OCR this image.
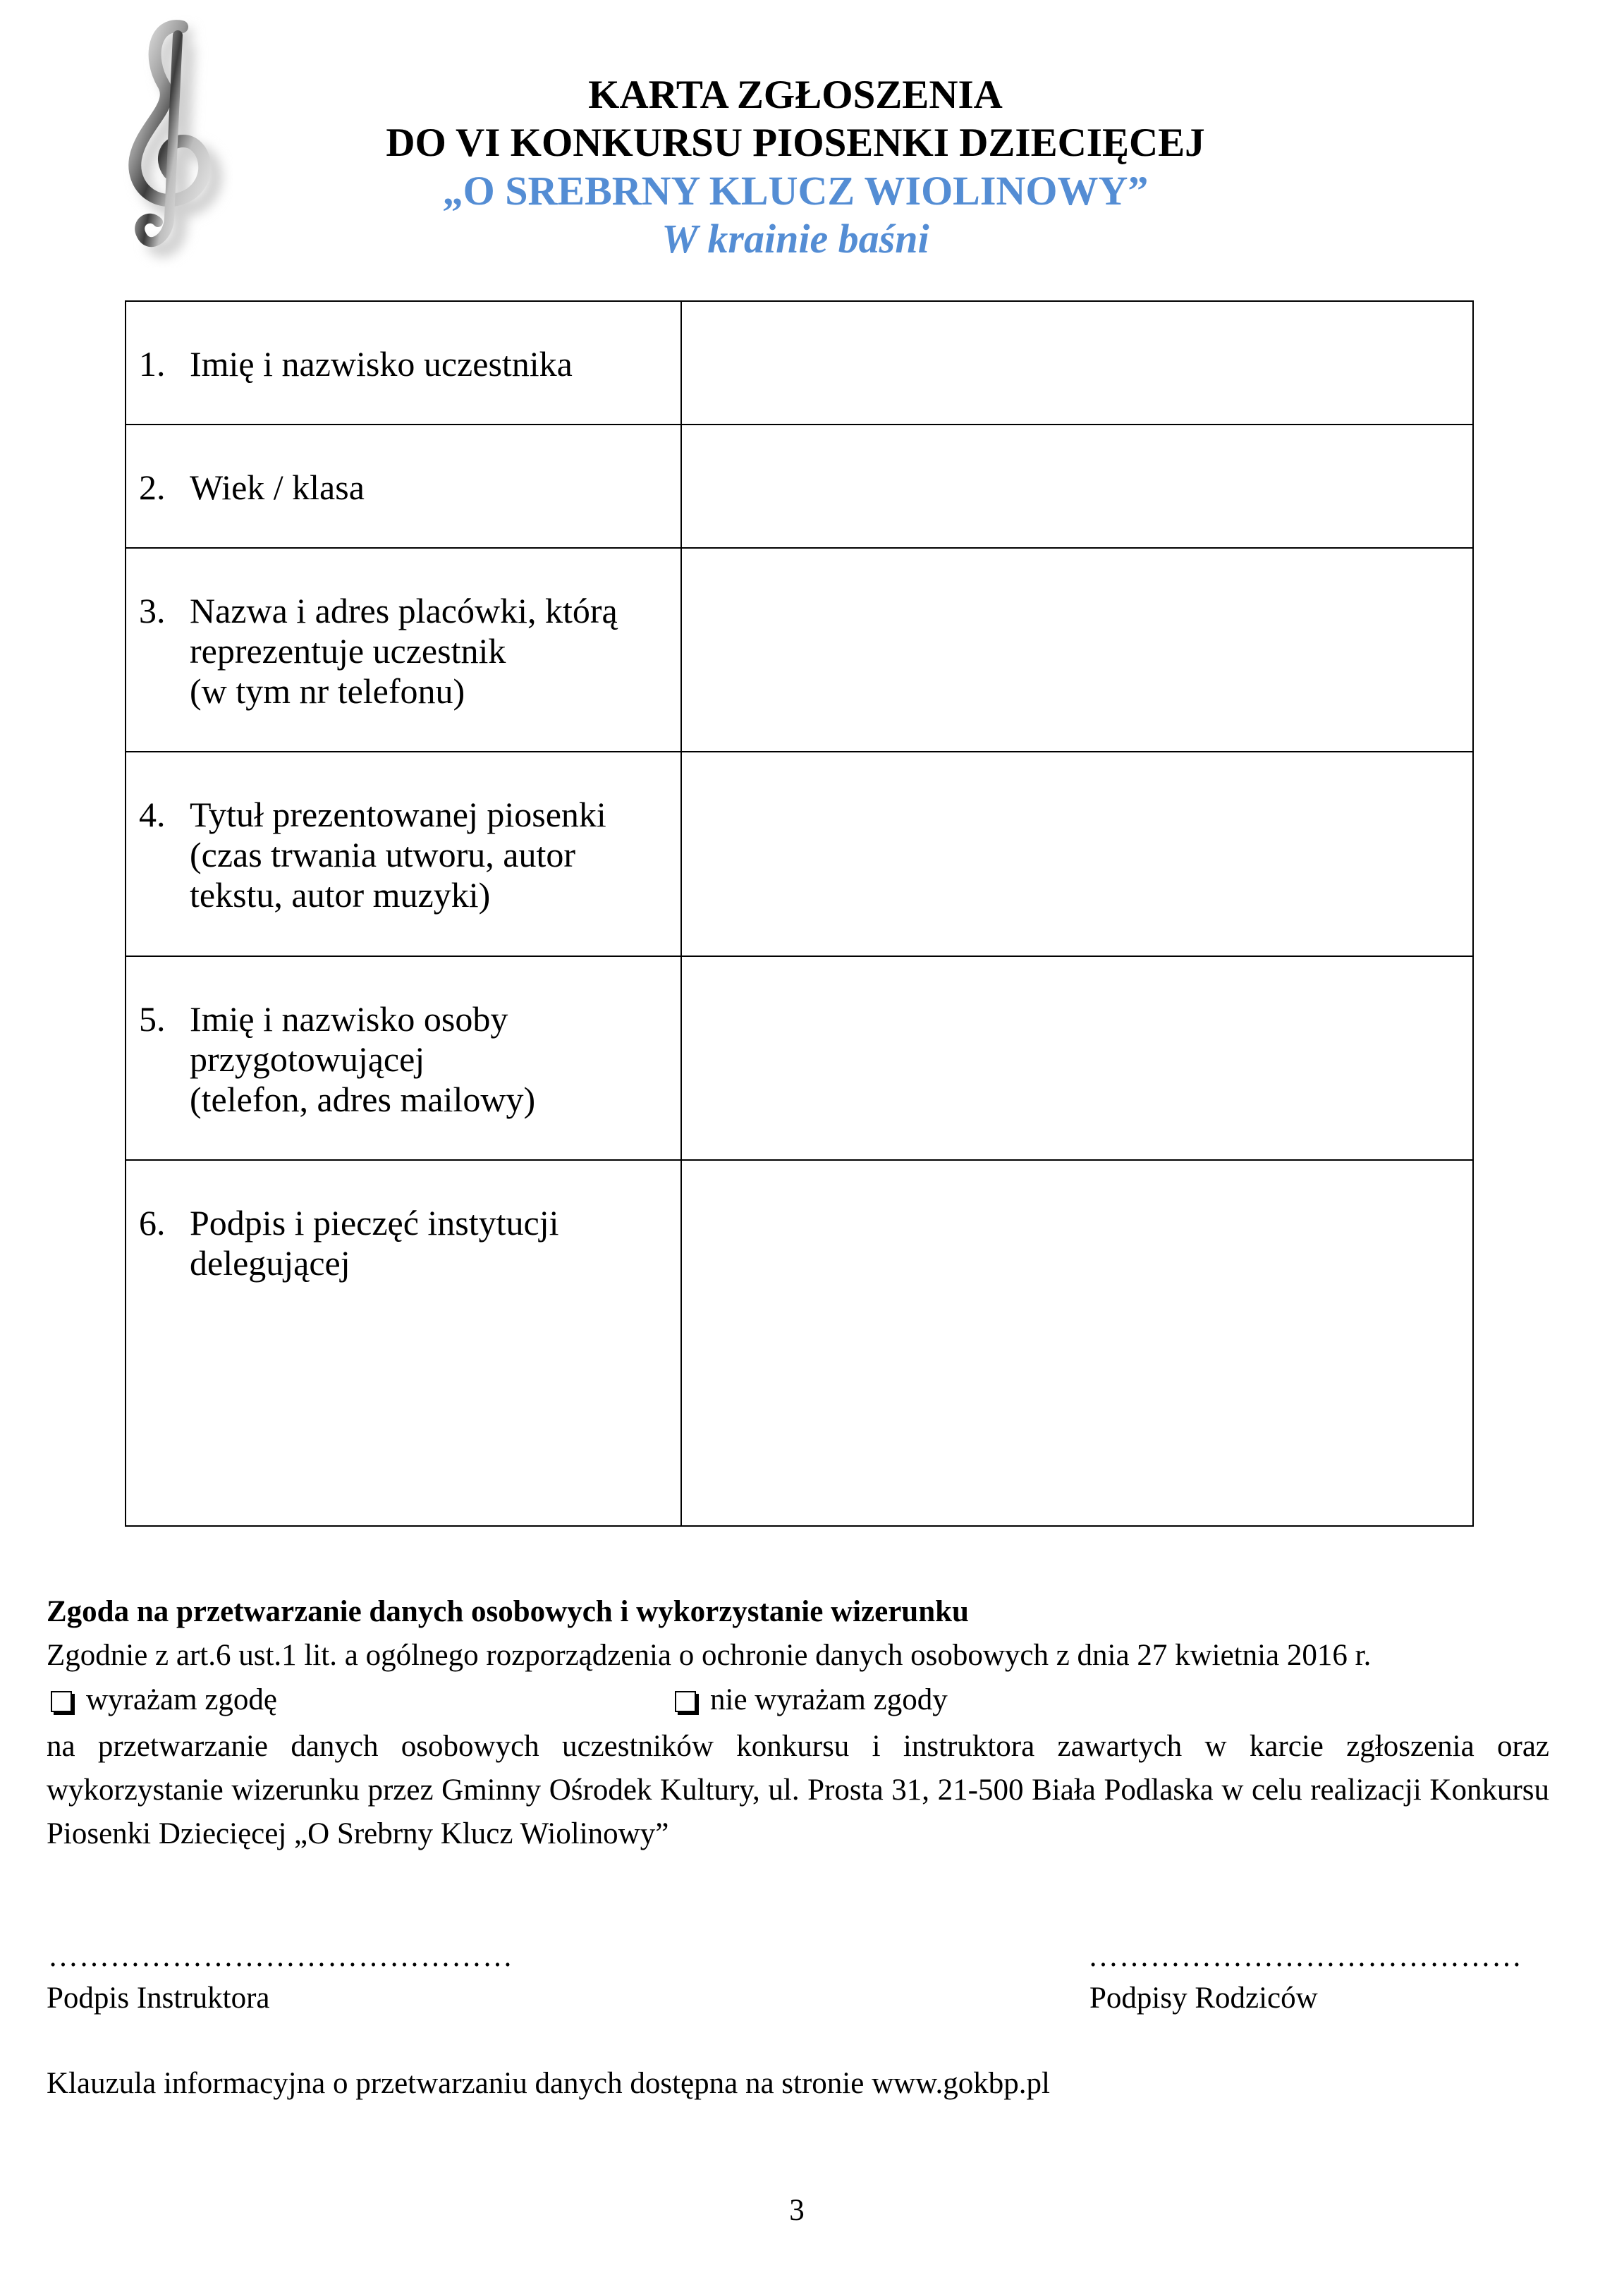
KARTA ZGŁOSZENIA
DO VI KONKURSU PIOSENKI DZIECIĘCEJ
„O SREBRNY KLUCZ WIOLINOWY”
W krainie baśni
1. Imię i nazwisko uczestnika	

2. Wiek / klasa	

3. Nazwa i adres placówki, którą
reprezentuje uczestnik
(w tym nr telefonu)	

4. Tytuł prezentowanej piosenki
(czas trwania utworu, autor
tekstu, autor muzyki)	

5. Imię i nazwisko osoby
przygotowującej
(telefon, adres mailowy)	

6. Podpis i pieczęć instytucji
delegującej	

Zgoda na przetwarzanie danych osobowych i wykorzystanie wizerunku
Zgodnie z art.6 ust.1 lit. a ogólnego rozporządzenia o ochronie danych osobowych z dnia 27 kwietnia 2016 r.
wyrażam zgodę	nie wyrażam zgody
na przetwarzanie danych osobowych uczestników konkursu i instruktora zawartych w karcie zgłoszenia oraz wykorzystanie wizerunku przez Gminny Ośrodek Kultury, ul. Prosta 31, 21-500 Biała Podlaska w celu realizacji Konkursu Piosenki Dziecięcej „O Srebrny Klucz Wiolinowy”
………………………………………	……………………………………
Podpis Instruktora	Podpisy Rodziców
Klauzula informacyjna o przetwarzaniu danych dostępna na stronie www.gokbp.pl
3
